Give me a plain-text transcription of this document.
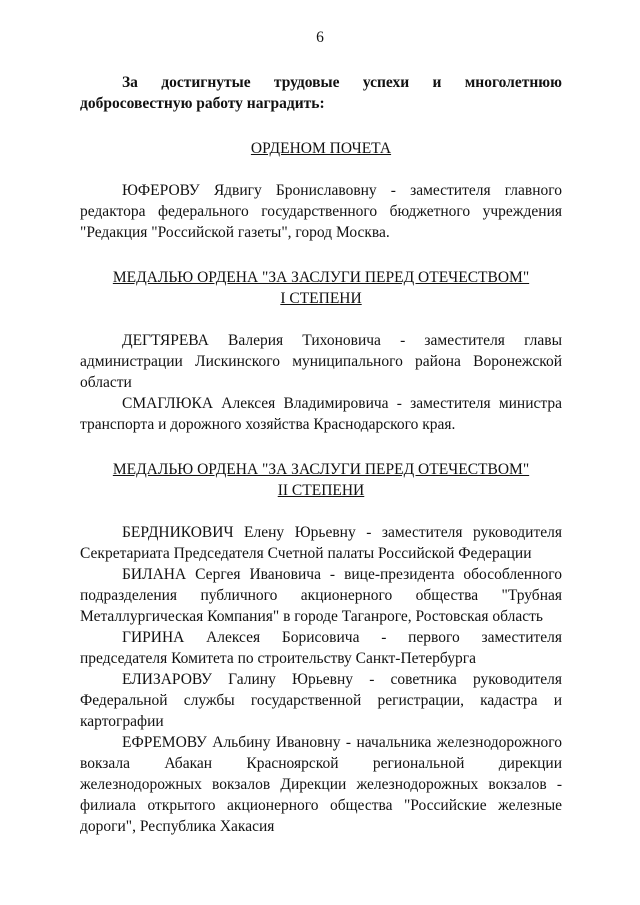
6

За достигнутые трудовые успехи и многолетнюю добросовестную работу наградить:

ОРДЕНОМ ПОЧЕТА

ЮФЕРОВУ Ядвигу Брониславовну - заместителя главного редактора федерального государственного бюджетного учреждения "Редакция "Российской газеты", город Москва.

МЕДАЛЬЮ ОРДЕНА "ЗА ЗАСЛУГИ ПЕРЕД ОТЕЧЕСТВОМ"

I СТЕПЕНИ

ДЕГТЯРЕВА Валерия Тихоновича - заместителя главы администрации Лискинского муниципального района Воронежской области

СМАГЛЮКА Алексея Владимировича - заместителя министра транспорта и дорожного хозяйства Краснодарского края.

МЕДАЛЬЮ ОРДЕНА "ЗА ЗАСЛУГИ ПЕРЕД ОТЕЧЕСТВОМ"

II СТЕПЕНИ

БЕРДНИКОВИЧ Елену Юрьевну - заместителя руководителя Секретариата Председателя Счетной палаты Российской Федерации

БИЛАНА Сергея Ивановича - вице-президента обособленного подразделения публичного акционерного общества "Трубная Металлургическая Компания" в городе Таганроге, Ростовская область

ГИРИНА Алексея Борисовича - первого заместителя председателя Комитета по строительству Санкт-Петербурга

ЕЛИЗАРОВУ Галину Юрьевну - советника руководителя Федеральной службы государственной регистрации, кадастра и картографии

ЕФРЕМОВУ Альбину Ивановну - начальника железнодорожного вокзала Абакан Красноярской региональной дирекции железнодорожных вокзалов Дирекции железнодорожных вокзалов - филиала открытого акционерного общества "Российские железные дороги", Республика Хакасия
